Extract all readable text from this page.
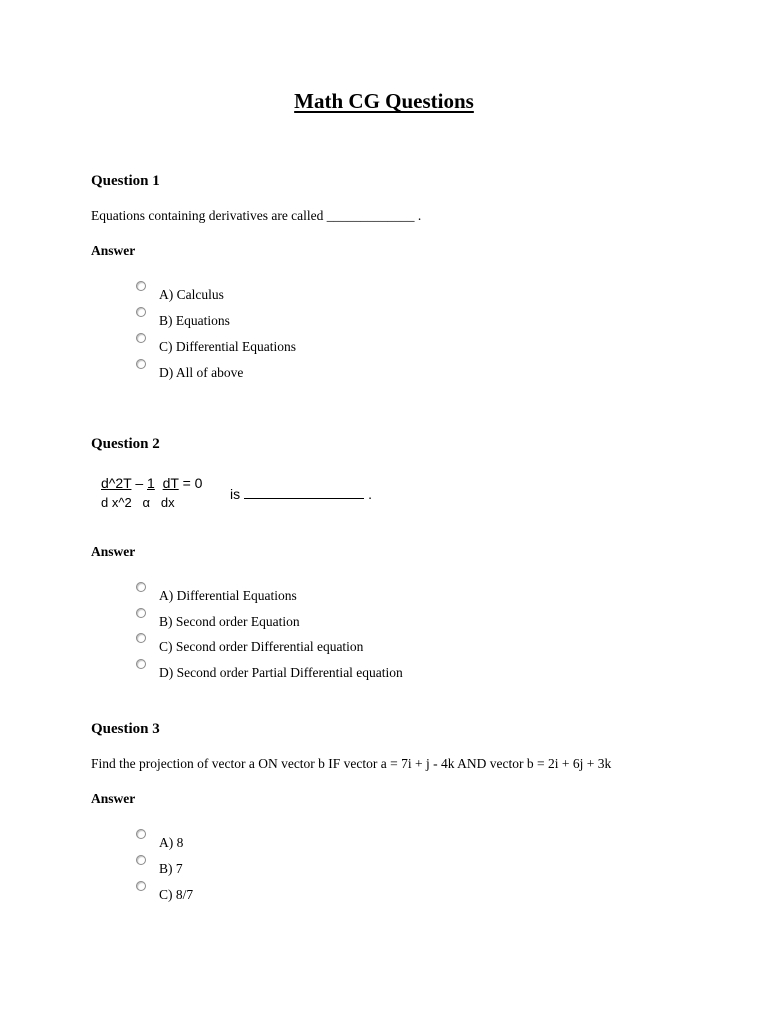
Math CG Questions
Question 1
Equations containing derivatives are called _____________ .
Answer
A) Calculus
B) Equations
C) Differential Equations
D) All of above
Question 2
d^2T – 1 dT = 0
d x^2 α dx
is	.
Answer
A) Differential Equations
B) Second order Equation
C) Second order Differential equation
D) Second order Partial Differential equation
Question 3
Find the projection of vector a ON vector b IF vector a = 7i + j - 4k AND vector b = 2i + 6j + 3k
Answer
A) 8
B) 7
C) 8/7
